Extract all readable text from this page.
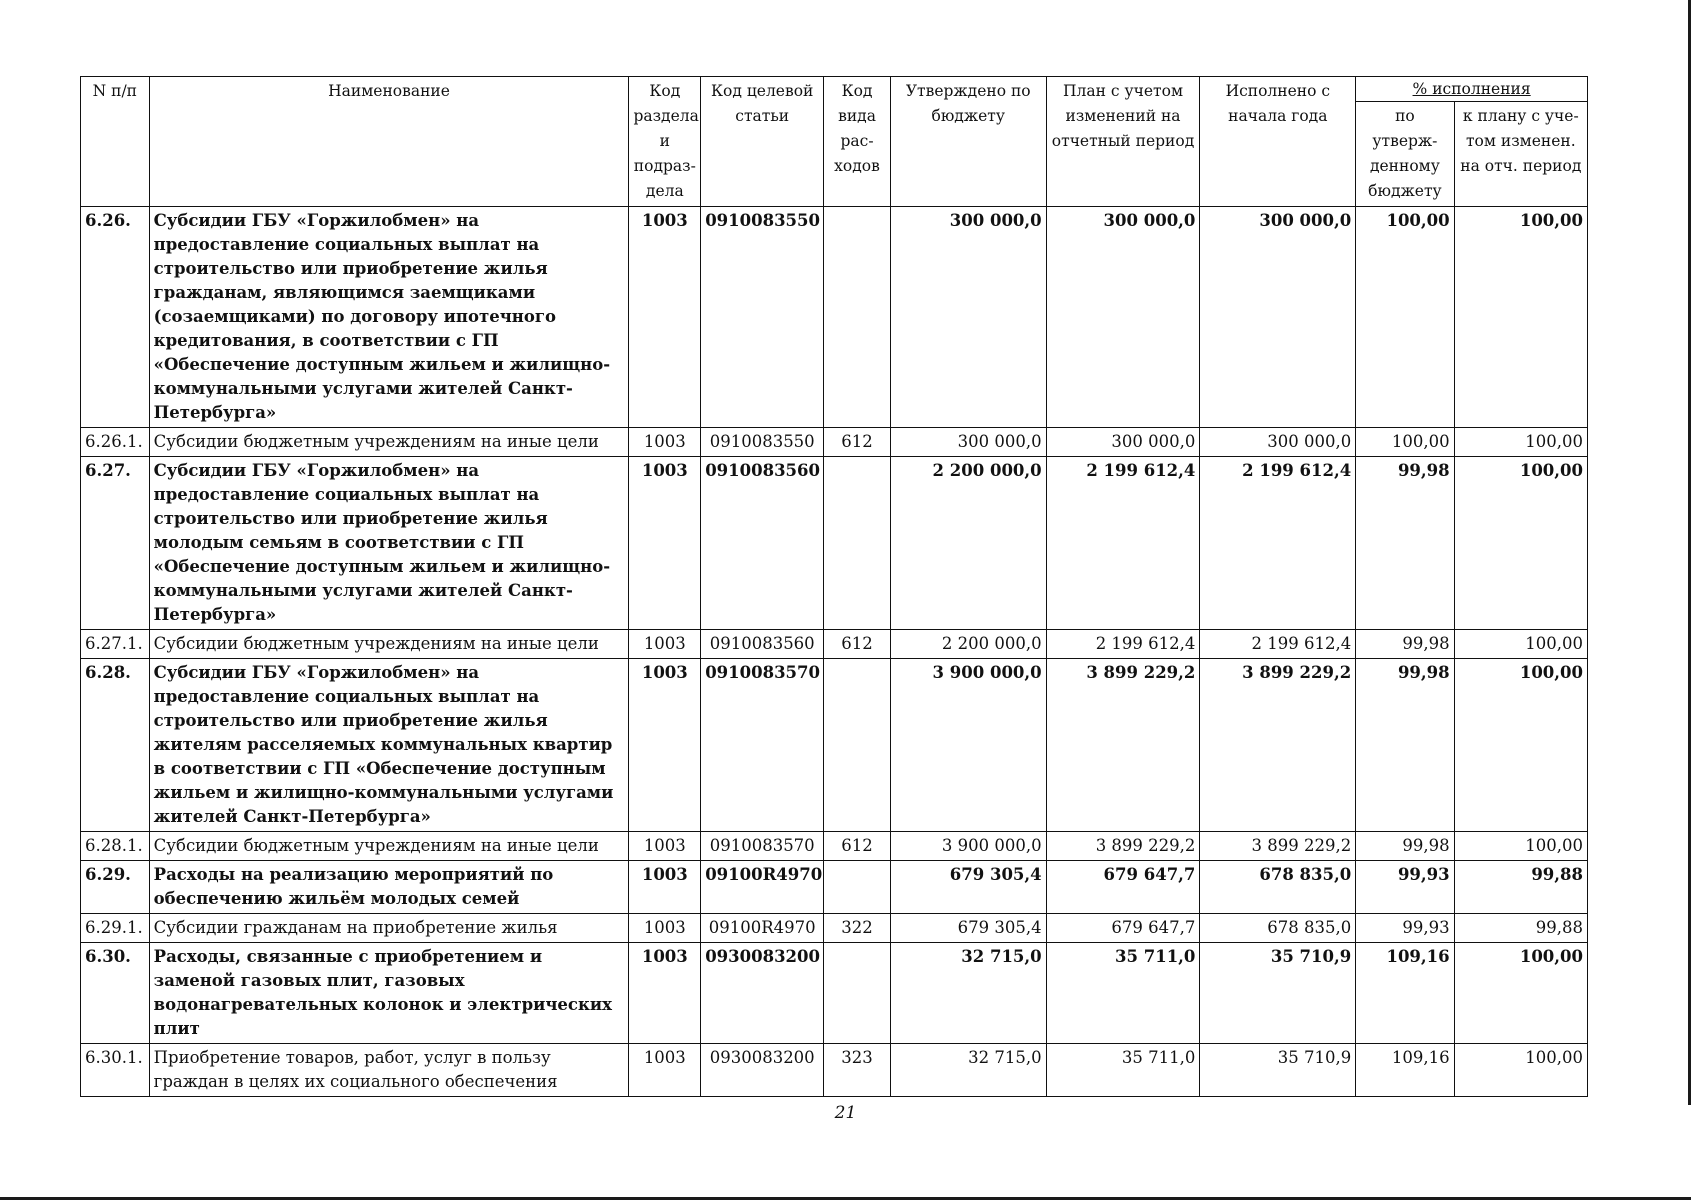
N п/п	Наименование	Код раздела и подраз-дела	Код целевой статьи	Код вида рас-ходов	Утверждено по бюджету	План с учетом изменений на отчетный период	Исполнено с начала года	% исполнения	
								по утверж-денному бюджету	к плану с уче-том изменен. на отч. период
6.26.	Субсидии ГБУ «Горжилобмен» на предоставление социальных выплат на строительство или приобретение жилья гражданам, являющимся заемщиками (созаемщиками) по договору ипотечного кредитования, в соответствии с ГП «Обеспечение доступным жильем и жилищно-коммунальными услугами жителей Санкт-Петербурга»	1003	0910083550		300 000,0	300 000,0	300 000,0	100,00	100,00
6.26.1.	Субсидии бюджетным учреждениям на иные цели	1003	0910083550	612	300 000,0	300 000,0	300 000,0	100,00	100,00
6.27.	Субсидии ГБУ «Горжилобмен» на предоставление социальных выплат на строительство или приобретение жилья молодым семьям в соответствии с ГП «Обеспечение доступным жильем и жилищно-коммунальными услугами жителей Санкт-Петербурга»	1003	0910083560		2 200 000,0	2 199 612,4	2 199 612,4	99,98	100,00
6.27.1.	Субсидии бюджетным учреждениям на иные цели	1003	0910083560	612	2 200 000,0	2 199 612,4	2 199 612,4	99,98	100,00
6.28.	Субсидии ГБУ «Горжилобмен» на предоставление социальных выплат на строительство или приобретение жилья жителям расселяемых коммунальных квартир в соответствии с ГП «Обеспечение доступным жильем и жилищно-коммунальными услугами жителей Санкт-Петербурга»	1003	0910083570		3 900 000,0	3 899 229,2	3 899 229,2	99,98	100,00
6.28.1.	Субсидии бюджетным учреждениям на иные цели	1003	0910083570	612	3 900 000,0	3 899 229,2	3 899 229,2	99,98	100,00
6.29.	Расходы на реализацию мероприятий по обеспечению жильём молодых семей	1003	09100R4970		679 305,4	679 647,7	678 835,0	99,93	99,88
6.29.1.	Субсидии гражданам на приобретение жилья	1003	09100R4970	322	679 305,4	679 647,7	678 835,0	99,93	99,88
6.30.	Расходы, связанные с приобретением и заменой газовых плит, газовых водонагревательных колонок и электрических плит	1003	0930083200		32 715,0	35 711,0	35 710,9	109,16	100,00
6.30.1.	Приобретение товаров, работ, услуг в пользу граждан в целях их социального обеспечения	1003	0930083200	323	32 715,0	35 711,0	35 710,9	109,16	100,00
21
